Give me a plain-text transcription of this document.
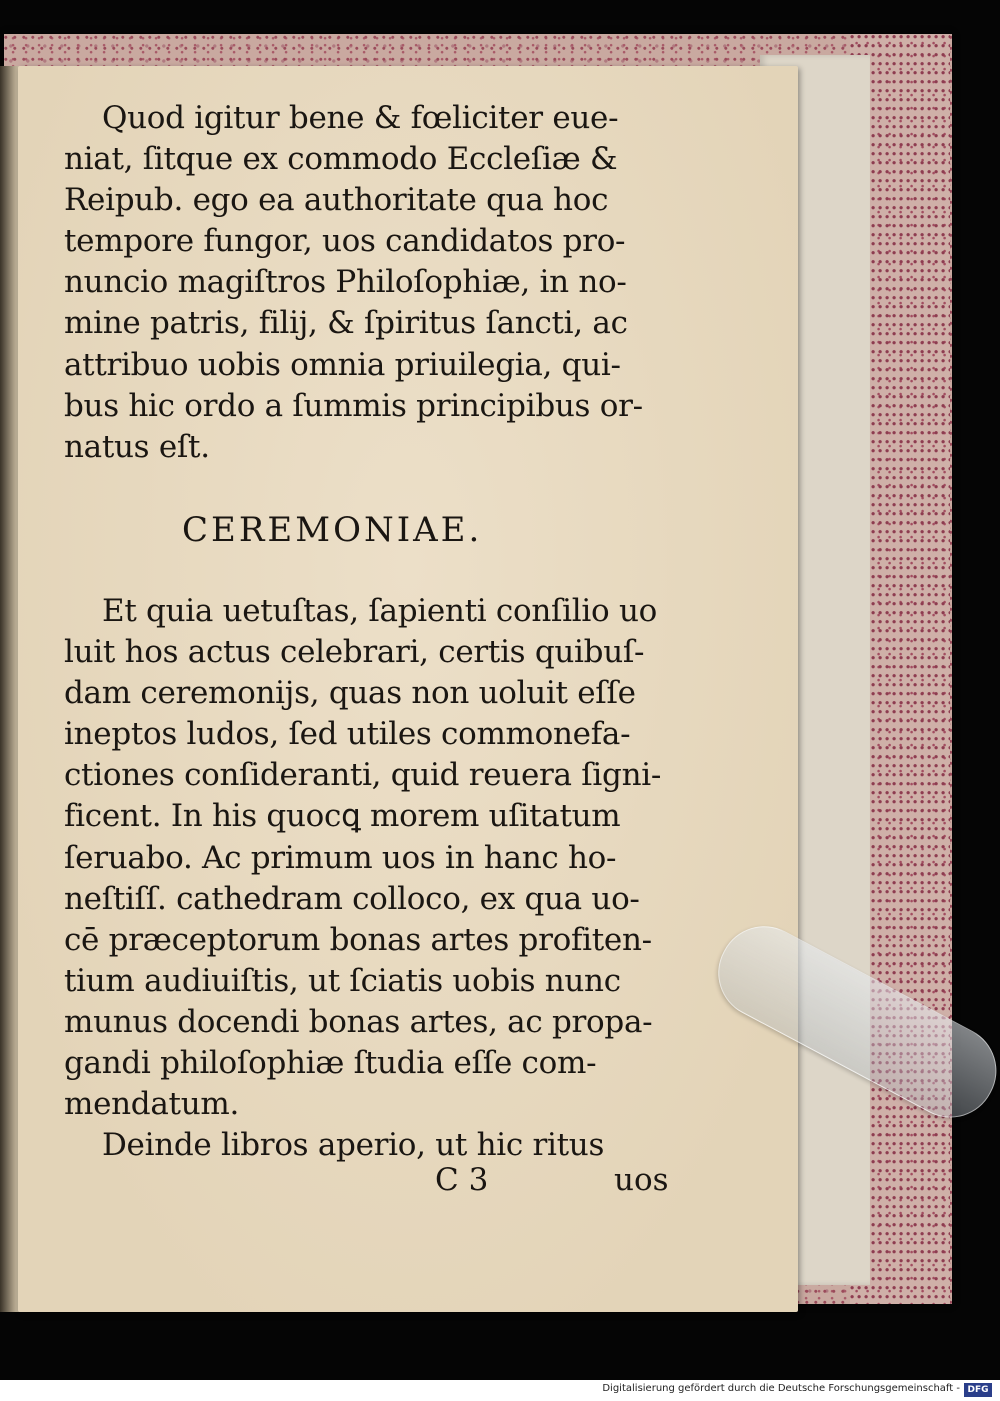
Quod igitur bene & fœliciter eue-
niat, ſitque ex commodo Eccleſiæ &
Reipub. ego ea authoritate qua hoc
tempore fungor, uos candidatos pro-
nuncio magiſtros Philoſophiæ, in no-
mine patris, filij, & ſpiritus ſancti, ac
attribuo uobis omnia priuilegia, qui-
bus hic ordo a ſummis principibus or-
natus eſt.
CEREMONIAE.
Et quia uetuſtas, ſapienti conſilio uo
luit hos actus celebrari, certis quibuſ-
dam ceremonijs, quas non uoluit eſſe
ineptos ludos, ſed utiles commonefa-
ctiones conſideranti, quid reuera ſigni-
ficent. In his quocꝗ morem uſitatum
ſeruabo. Ac primum uos in hanc ho-
neſtiſſ. cathedram colloco, ex qua uo-
cē præceptorum bonas artes profiten-
tium audiuiſtis, ut ſciatis uobis nunc
munus docendi bonas artes, ac propa-
gandi philoſophiæ ſtudia eſſe com-
mendatum.
Deinde libros aperio, ut hic ritus
C 3	uos
Digitalisierung gefördert durch die Deutsche Forschungsgemeinschaft - DFG
